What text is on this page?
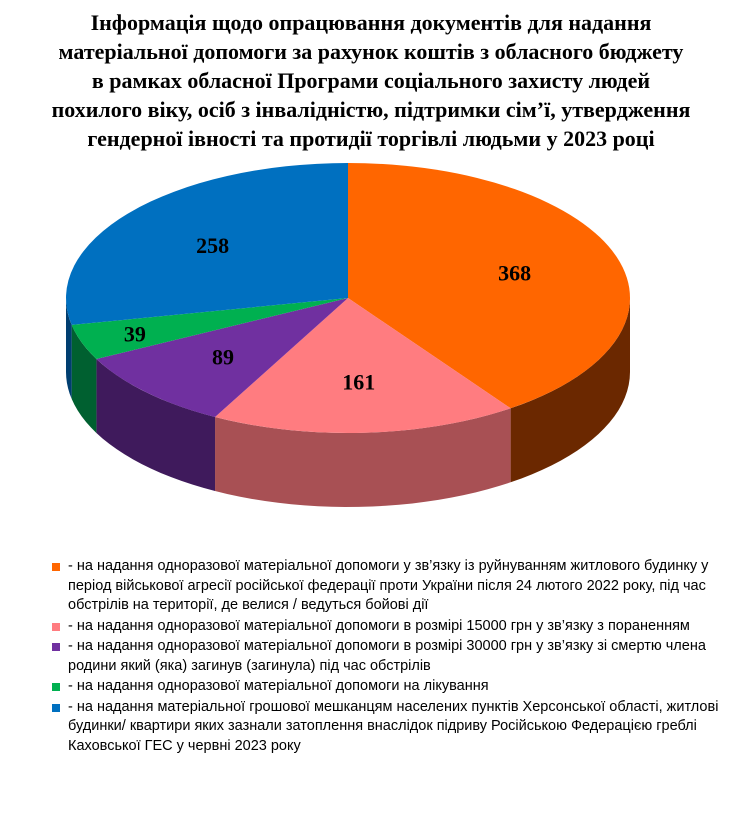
Інформація щодо опрацювання документів для надання
матеріальної допомоги за рахунок коштів з обласного бюджету
в рамках обласної Програми соціального захисту людей
похилого віку, осіб з інвалідністю, підтримки сім’ї, утвердження
гендерної івності та протидії торгівлі людьми у 2023 році
368
161
89
39
258
- на надання одноразової матеріальної допомоги у зв’язку із руйнуванням житлового будинку у період військової агресії російської федерації проти України після 24 лютого 2022 року, під час обстрілів на території, де велися / ведуться бойові дії
- на надання одноразової матеріальної допомоги в розмірі 15000 грн у зв’язку з пораненням
- на надання одноразової матеріальної допомоги в розмірі 30000 грн у зв’язку зі смертю члена родини який (яка) загинув (загинула) під час обстрілів
- на надання одноразової матеріальної допомоги на лікування
- на надання матеріальної грошової мешканцям населених пунктів Херсонської області, житлові будинки/ квартири яких зазнали затоплення внаслідок підриву Російською Федерацією греблі Каховської ГЕС у червні 2023 року
